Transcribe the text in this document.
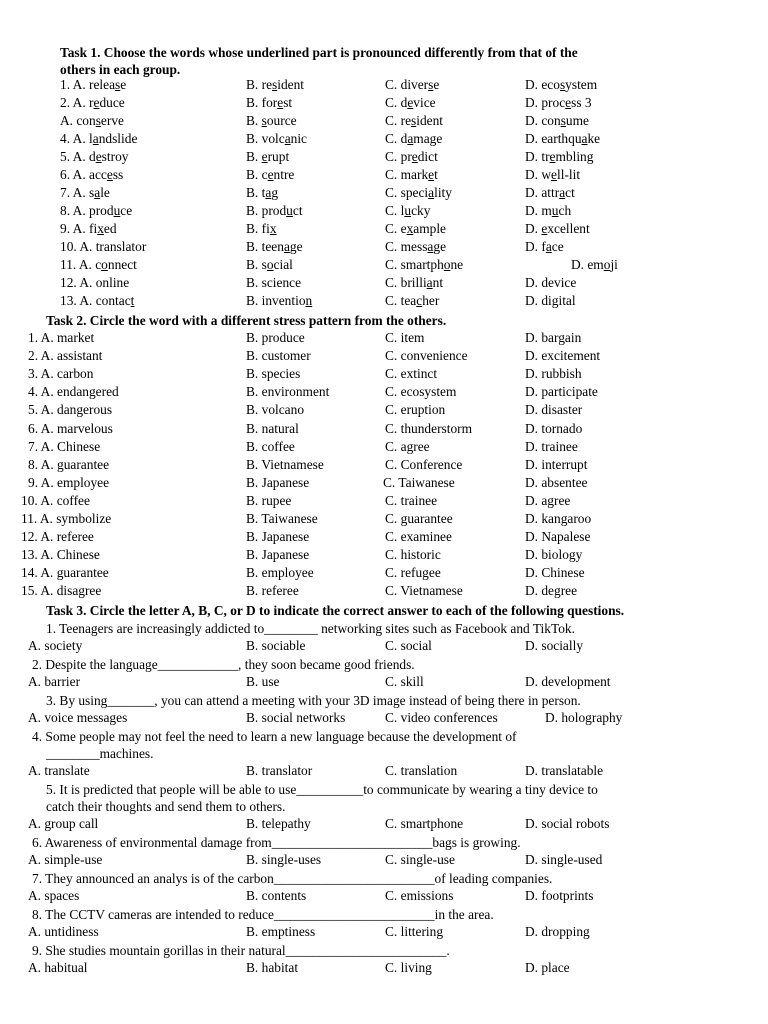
Task 1. Choose the words whose underlined part is pronounced differently from that of the
others in each group.
1. A. release	B. resident	C. diverse	D. ecosystem
2. A. reduce	B. forest	C. device	D. process 3
A. conserve	B. source	C. resident	D. consume
4. A. landslide	B. volcanic	C. damage	D. earthquake
5. A. destroy	B. erupt	C. predict	D. trembling
6. A. access	B. centre	C. market	D. well-lit
7. A. sale	B. tag	C. speciality	D. attract
8. A. produce	B. product	C. lucky	D. much
9. A. fixed	B. fix	C. example	D. excellent
10. A. translator	B. teenage	C. message	D. face
11. A. connect	B. social	C. smartphone	D. emoji
12. A. online	B. science	C. brilliant	D. device
13. A. contact	B. invention	C. teacher	D. digital
Task 2. Circle the word with a different stress pattern from the others.
1. A. market	B. produce	C. item	D. bargain
2. A. assistant	B. customer	C. convenience	D. excitement
3. A. carbon	B. species	C. extinct	D. rubbish
4. A. endangered	B. environment	C. ecosystem	D. participate
5. A. dangerous	B. volcano	C. eruption	D. disaster
6. A. marvelous	B. natural	C. thunderstorm	D. tornado
7. A. Chinese	B. coffee	C. agree	D. trainee
8. A. guarantee	B. Vietnamese	C. Conference	D. interrupt
9. A. employee	B. Japanese	C. Taiwanese	D. absentee
10. A. coffee	B. rupee	C. trainee	D. agree
11. A. symbolize	B. Taiwanese	C. guarantee	D. kangaroo
12. A. referee	B. Japanese	C. examinee	D. Napalese
13. A. Chinese	B. Japanese	C. historic	D. biology
14. A. guarantee	B. employee	C. refugee	D. Chinese
15. A. disagree	B. referee	C. Vietnamese	D. degree
Task 3. Circle the letter A, B, C, or D to indicate the correct answer to each of the following questions.
1. Teenagers are increasingly addicted to________ networking sites such as Facebook and TikTok.
A. society	B. sociable	C. social	D. socially
2. Despite the language____________, they soon became good friends.
A. barrier	B. use	C. skill	D. development
3. By using_______, you can attend a meeting with your 3D image instead of being there in person.
A. voice messages	B. social networks	C. video conferences	D. holography
4. Some people may not feel the need to learn a new language because the development of
________machines.
A. translate	B. translator	C. translation	D. translatable
5. It is predicted that people will be able to use__________to communicate by wearing a tiny device to
catch their thoughts and send them to others.
A. group call	B. telepathy	C. smartphone	D. social robots
6. Awareness of environmental damage from________________________bags is growing.
A. simple-use	B. single-uses	C. single-use	D. single-used
7. They announced an analys is of the carbon________________________of leading companies.
A. spaces	B. contents	C. emissions	D. footprints
8. The CCTV cameras are intended to reduce________________________in the area.
A. untidiness	B. emptiness	C. littering	D. dropping
9. She studies mountain gorillas in their natural________________________.
A. habitual	B. habitat	C. living	D. place
